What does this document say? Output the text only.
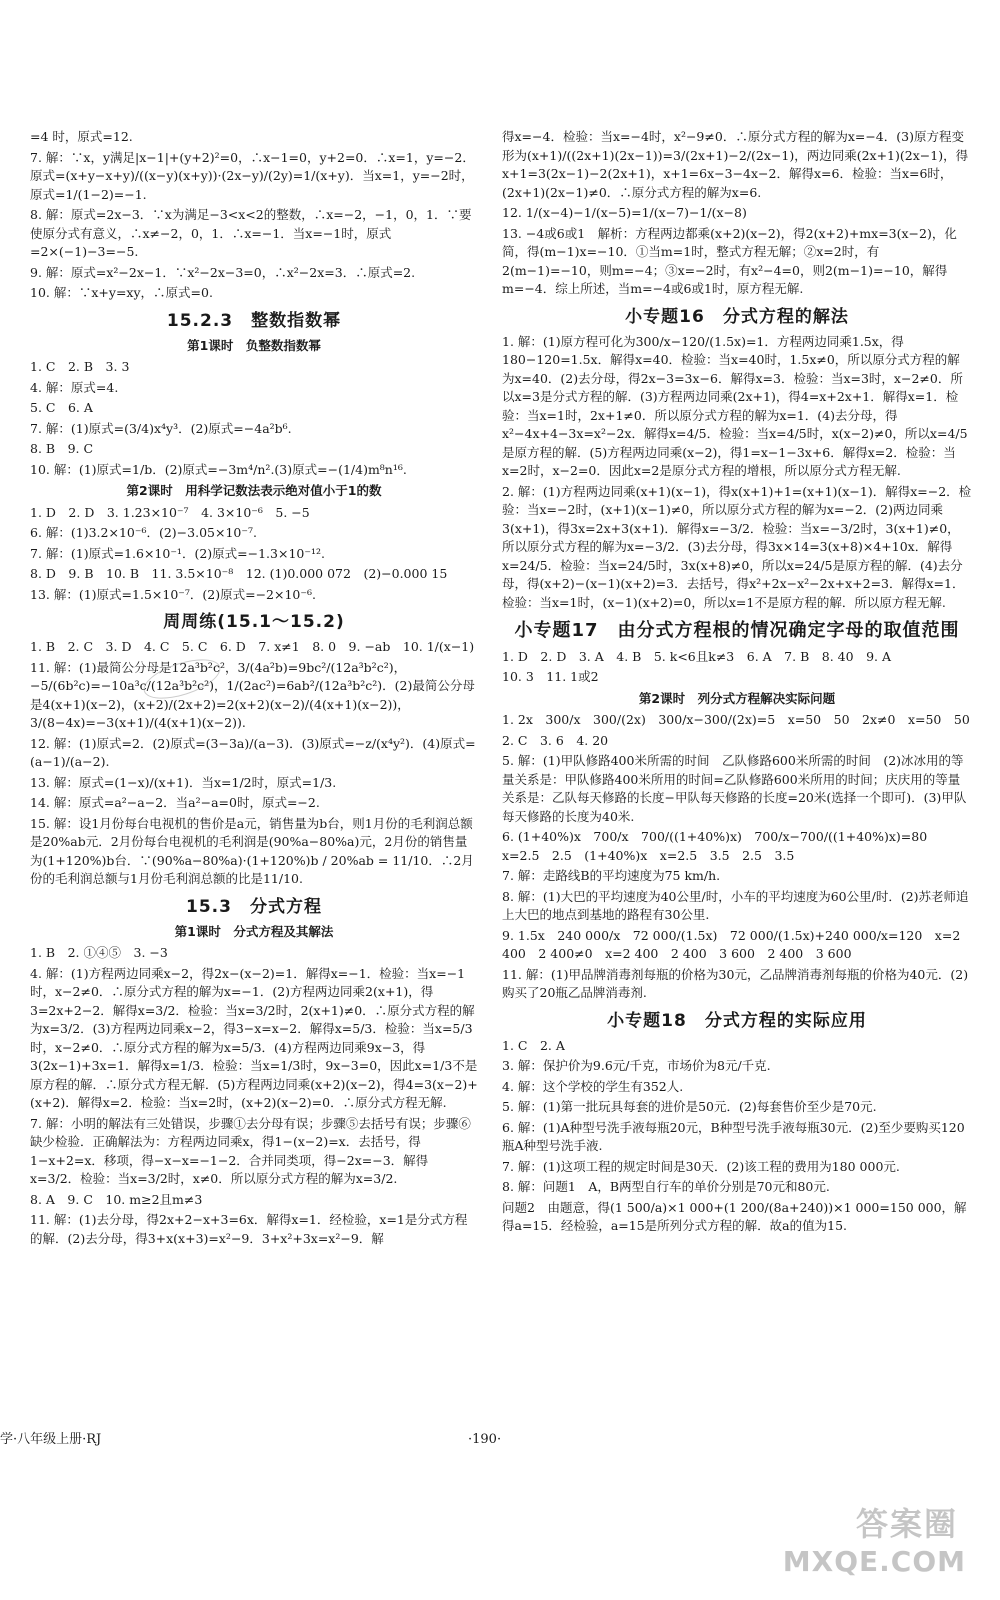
=4 时，原式=12.

7. 解：∵x，y满足|x−1|+(y+2)²=0，∴x−1=0，y+2=0．∴x=1，y=−2．原式=(x+y−x+y)/((x−y)(x+y))·(2x−y)/(2y)=1/(x+y)．当x=1，y=−2时，原式=1/(1−2)=−1.

8. 解：原式=2x−3．∵x为满足−3<x<2的整数，∴x=−2，−1，0，1．∵要使原分式有意义，∴x≠−2，0，1．∴x=−1．当x=−1时，原式=2×(−1)−3=−5.

9. 解：原式=x²−2x−1．∵x²−2x−3=0，∴x²−2x=3．∴原式=2.

10. 解：∵x+y=xy，∴原式=0.

15.2.3　整数指数幂
第1课时　负整数指数幂

1. C　2. B　3. 3

4. 解：原式=4.

5. C　6. A

7. 解：(1)原式=(3/4)x⁴y³．(2)原式=−4a²b⁶.

8. B　9. C

10. 解：(1)原式=1/b．(2)原式=−3m⁴/n².(3)原式=−(1/4)m⁸n¹⁶.

第2课时　用科学记数法表示绝对值小于1的数

1. D　2. D　3. 1.23×10⁻⁷　4. 3×10⁻⁶　5. −5

6. 解：(1)3.2×10⁻⁶．(2)−3.05×10⁻⁷.

7. 解：(1)原式=1.6×10⁻¹．(2)原式=−1.3×10⁻¹².

8. D　9. B　10. B　11. 3.5×10⁻⁸　12. (1)0.000 072　(2)−0.000 15

13. 解：(1)原式=1.5×10⁻⁷．(2)原式=−2×10⁻⁶.

周周练(15.1～15.2)

1. B　2. C　3. D　4. C　5. C　6. D　7. x≠1　8. 0　9. −ab　10. 1/(x−1)

11. 解：(1)最简公分母是12a³b²c²，3/(4a²b)=9bc²/(12a³b²c²)，−5/(6b²c)=−10a³c/(12a³b²c²)，1/(2ac²)=6ab²/(12a³b²c²)．(2)最简公分母是4(x+1)(x−2)，(x+2)/(2x+2)=2(x+2)(x−2)/(4(x+1)(x−2))，3/(8−4x)=−3(x+1)/(4(x+1)(x−2)).

12. 解：(1)原式=2．(2)原式=(3−3a)/(a−3)．(3)原式=−z/(x⁴y²)．(4)原式=(a−1)/(a−2).

13. 解：原式=(1−x)/(x+1)．当x=1/2时，原式=1/3.

14. 解：原式=a²−a−2．当a²−a=0时，原式=−2.

15. 解：设1月份每台电视机的售价是a元，销售量为b台，则1月份的毛利润总额是20%ab元．2月份每台电视机的毛利润是(90%a−80%a)元，2月份的销售量为(1+120%)b台．∵(90%a−80%a)·(1+120%)b / 20%ab = 11/10．∴2月份的毛利润总额与1月份毛利润总额的比是11/10.

15.3　分式方程
第1课时　分式方程及其解法

1. B　2. ①④⑤　3. −3

4. 解：(1)方程两边同乘x−2，得2x−(x−2)=1．解得x=−1．检验：当x=−1时，x−2≠0．∴原分式方程的解为x=−1．(2)方程两边同乘2(x+1)，得3=2x+2−2．解得x=3/2．检验：当x=3/2时，2(x+1)≠0．∴原分式方程的解为x=3/2．(3)方程两边同乘x−2，得3−x=x−2．解得x=5/3．检验：当x=5/3时，x−2≠0．∴原分式方程的解为x=5/3．(4)方程两边同乘9x−3，得3(2x−1)+3x=1．解得x=1/3．检验：当x=1/3时，9x−3=0，因此x=1/3不是原方程的解．∴原分式方程无解．(5)方程两边同乘(x+2)(x−2)，得4=3(x−2)+(x+2)．解得x=2．检验：当x=2时，(x+2)(x−2)=0．∴原分式方程无解.

7. 解：小明的解法有三处错误，步骤①去分母有误；步骤⑤去括号有误；步骤⑥缺少检验．正确解法为：方程两边同乘x，得1−(x−2)=x．去括号，得1−x+2=x．移项，得−x−x=−1−2．合并同类项，得−2x=−3．解得x=3/2．检验：当x=3/2时，x≠0．所以原分式方程的解为x=3/2.

8. A　9. C　10. m≥2且m≠3

11. 解：(1)去分母，得2x+2−x+3=6x．解得x=1．经检验，x=1是分式方程的解．(2)去分母，得3+x(x+3)=x²−9．3+x²+3x=x²−9．解

得x=−4．检验：当x=−4时，x²−9≠0．∴原分式方程的解为x=−4．(3)原方程变形为(x+1)/((2x+1)(2x−1))=3/(2x+1)−2/(2x−1)，两边同乘(2x+1)(2x−1)，得x+1=3(2x−1)−2(2x+1)，x+1=6x−3−4x−2．解得x=6．检验：当x=6时，(2x+1)(2x−1)≠0．∴原分式方程的解为x=6.

12. 1/(x−4)−1/(x−5)=1/(x−7)−1/(x−8)

13. −4或6或1　解析：方程两边都乘(x+2)(x−2)，得2(x+2)+mx=3(x−2)，化简，得(m−1)x=−10．①当m=1时，整式方程无解；②x=2时，有2(m−1)=−10，则m=−4；③x=−2时，有x²−4=0，则2(m−1)=−10，解得m=−4．综上所述，当m=−4或6或1时，原方程无解.

小专题16　分式方程的解法

1. 解：(1)原方程可化为300/x−120/(1.5x)=1．方程两边同乘1.5x，得180−120=1.5x．解得x=40．检验：当x=40时，1.5x≠0，所以原分式方程的解为x=40．(2)去分母，得2x−3=3x−6．解得x=3．检验：当x=3时，x−2≠0．所以x=3是分式方程的解．(3)方程两边同乘(2x+1)，得4=x+2x+1．解得x=1．检验：当x=1时，2x+1≠0．所以原分式方程的解为x=1．(4)去分母，得x²−4x+4−3x=x²−2x．解得x=4/5．检验：当x=4/5时，x(x−2)≠0，所以x=4/5是原方程的解．(5)方程两边同乘(x−2)，得1=x−1−3x+6．解得x=2．检验：当x=2时，x−2=0．因此x=2是原分式方程的增根，所以原分式方程无解.

2. 解：(1)方程两边同乘(x+1)(x−1)，得x(x+1)+1=(x+1)(x−1)．解得x=−2．检验：当x=−2时，(x+1)(x−1)≠0，所以原分式方程的解为x=−2．(2)两边同乘3(x+1)，得3x=2x+3(x+1)．解得x=−3/2．检验：当x=−3/2时，3(x+1)≠0，所以原分式方程的解为x=−3/2．(3)去分母，得3x×14=3(x+8)×4+10x．解得x=24/5．检验：当x=24/5时，3x(x+8)≠0，所以x=24/5是原方程的解．(4)去分母，得(x+2)−(x−1)(x+2)=3．去括号，得x²+2x−x²−2x+x+2=3．解得x=1．检验：当x=1时，(x−1)(x+2)=0，所以x=1不是原方程的解．所以原方程无解.

小专题17　由分式方程根的情况确定字母的取值范围

1. D　2. D　3. A　4. B　5. k<6且k≠3　6. A　7. B　8. 40　9. A

10. 3　11. 1或2

第2课时　列分式方程解决实际问题

1. 2x　300/x　300/(2x)　300/x−300/(2x)=5　x=50　50　2x≠0　x=50　50

2. C　3. 6　4. 20

5. 解：(1)甲队修路400米所需的时间　乙队修路600米所需的时间　(2)冰冰用的等量关系是：甲队修路400米所用的时间=乙队修路600米所用的时间；庆庆用的等量关系是：乙队每天修路的长度−甲队每天修路的长度=20米(选择一个即可)．(3)甲队每天修路的长度为40米.

6. (1+40%)x　700/x　700/((1+40%)x)　700/x−700/((1+40%)x)=80　x=2.5　2.5　(1+40%)x　x=2.5　3.5　2.5　3.5

7. 解：走路线B的平均速度为75 km/h.

8. 解：(1)大巴的平均速度为40公里/时，小车的平均速度为60公里/时．(2)苏老师追上大巴的地点到基地的路程有30公里.

9. 1.5x　240 000/x　72 000/(1.5x)　72 000/(1.5x)+240 000/x=120　x=2 400　2 400≠0　x=2 400　2 400　3 600　2 400　3 600

11. 解：(1)甲品牌消毒剂每瓶的价格为30元，乙品牌消毒剂每瓶的价格为40元．(2)购买了20瓶乙品牌消毒剂.

小专题18　分式方程的实际应用

1. C　2. A

3. 解：保护价为9.6元/千克，市场价为8元/千克.

4. 解：这个学校的学生有352人.

5. 解：(1)第一批玩具每套的进价是50元．(2)每套售价至少是70元.

6. 解：(1)A种型号洗手液每瓶20元，B种型号洗手液每瓶30元．(2)至少要购买120瓶A种型号洗手液.

7. 解：(1)这项工程的规定时间是30天．(2)该工程的费用为180 000元.

8. 解：问题1　A，B两型自行车的单价分别是70元和80元.

问题2　由题意，得(1 500/a)×1 000+(1 200/(8a+240))×1 000=150 000，解得a=15．经检验，a=15是所列分式方程的解．故a的值为15.

学·八年级上册·RJ	·190·
答案圈
MXQE.COM
